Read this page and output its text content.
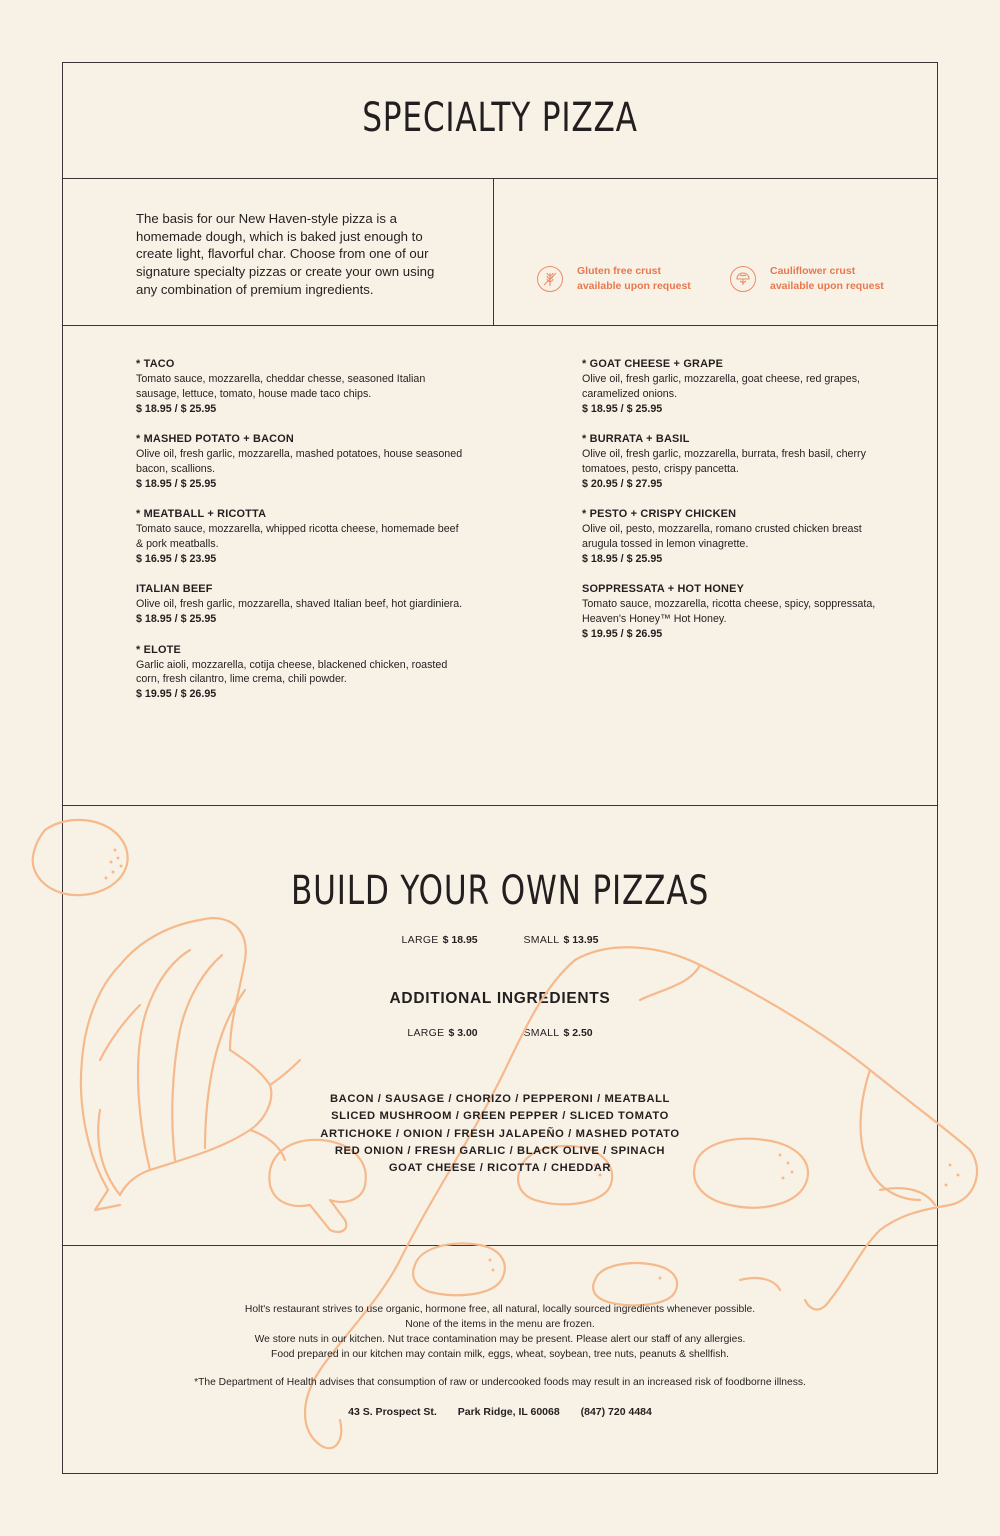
SPECIALTY PIZZA
The basis for our New Haven-style pizza is a homemade dough, which is baked just enough to create light, flavorful char. Choose from one of our signature specialty pizzas or create your own using any combination of premium ingredients.
Gluten free crust
available upon request
Cauliflower crust
available upon request
* TACO
Tomato sauce, mozzarella, cheddar chesse, seasoned Italian sausage, lettuce, tomato, house made taco chips.
$ 18.95 / $ 25.95
* MASHED POTATO + BACON
Olive oil, fresh garlic, mozzarella, mashed potatoes, house seasoned bacon, scallions.
$ 18.95 / $ 25.95
* MEATBALL + RICOTTA
Tomato sauce, mozzarella, whipped ricotta cheese, homemade beef & pork meatballs.
$ 16.95 / $ 23.95
ITALIAN BEEF
Olive oil, fresh garlic, mozzarella, shaved Italian beef, hot giardiniera.
$ 18.95 / $ 25.95
* ELOTE
Garlic aioli, mozzarella, cotija cheese, blackened chicken, roasted corn, fresh cilantro, lime crema, chili powder.
$ 19.95 / $ 26.95
* GOAT CHEESE + GRAPE
Olive oil, fresh garlic, mozzarella, goat cheese, red grapes, caramelized onions.
$ 18.95 / $ 25.95
* BURRATA + BASIL
Olive oil, fresh garlic, mozzarella, burrata, fresh basil, cherry tomatoes, pesto, crispy pancetta.
$ 20.95 / $ 27.95
* PESTO + CRISPY CHICKEN
Olive oil, pesto, mozzarella, romano crusted chicken breast arugula tossed in lemon vinagrette.
$ 18.95 / $ 25.95
SOPPRESSATA + HOT HONEY
Tomato sauce, mozzarella, ricotta cheese, spicy, soppressata, Heaven's Honey™ Hot Honey.
$ 19.95 / $ 26.95
BUILD YOUR OWN PIZZAS
LARGE $ 18.95	SMALL $ 13.95
ADDITIONAL INGREDIENTS
LARGE $ 3.00	SMALL $ 2.50
BACON / SAUSAGE / CHORIZO / PEPPERONI / MEATBALL
SLICED MUSHROOM / GREEN PEPPER / SLICED TOMATO
ARTICHOKE / ONION / FRESH JALAPEÑO / MASHED POTATO
RED ONION / FRESH GARLIC / BLACK OLIVE / SPINACH
GOAT CHEESE / RICOTTA / CHEDDAR
Holt's restaurant strives to use organic, hormone free, all natural, locally sourced ingredients whenever possible.
None of the items in the menu are frozen.
We store nuts in our kitchen. Nut trace contamination may be present. Please alert our staff of any allergies.
Food prepared in our kitchen may contain milk, eggs, wheat, soybean, tree nuts, peanuts & shellfish.
*The Department of Health advises that consumption of raw or undercooked foods may result in an increased risk of foodborne illness.
43 S. Prospect St. Park Ridge, IL 60068 (847) 720 4484
